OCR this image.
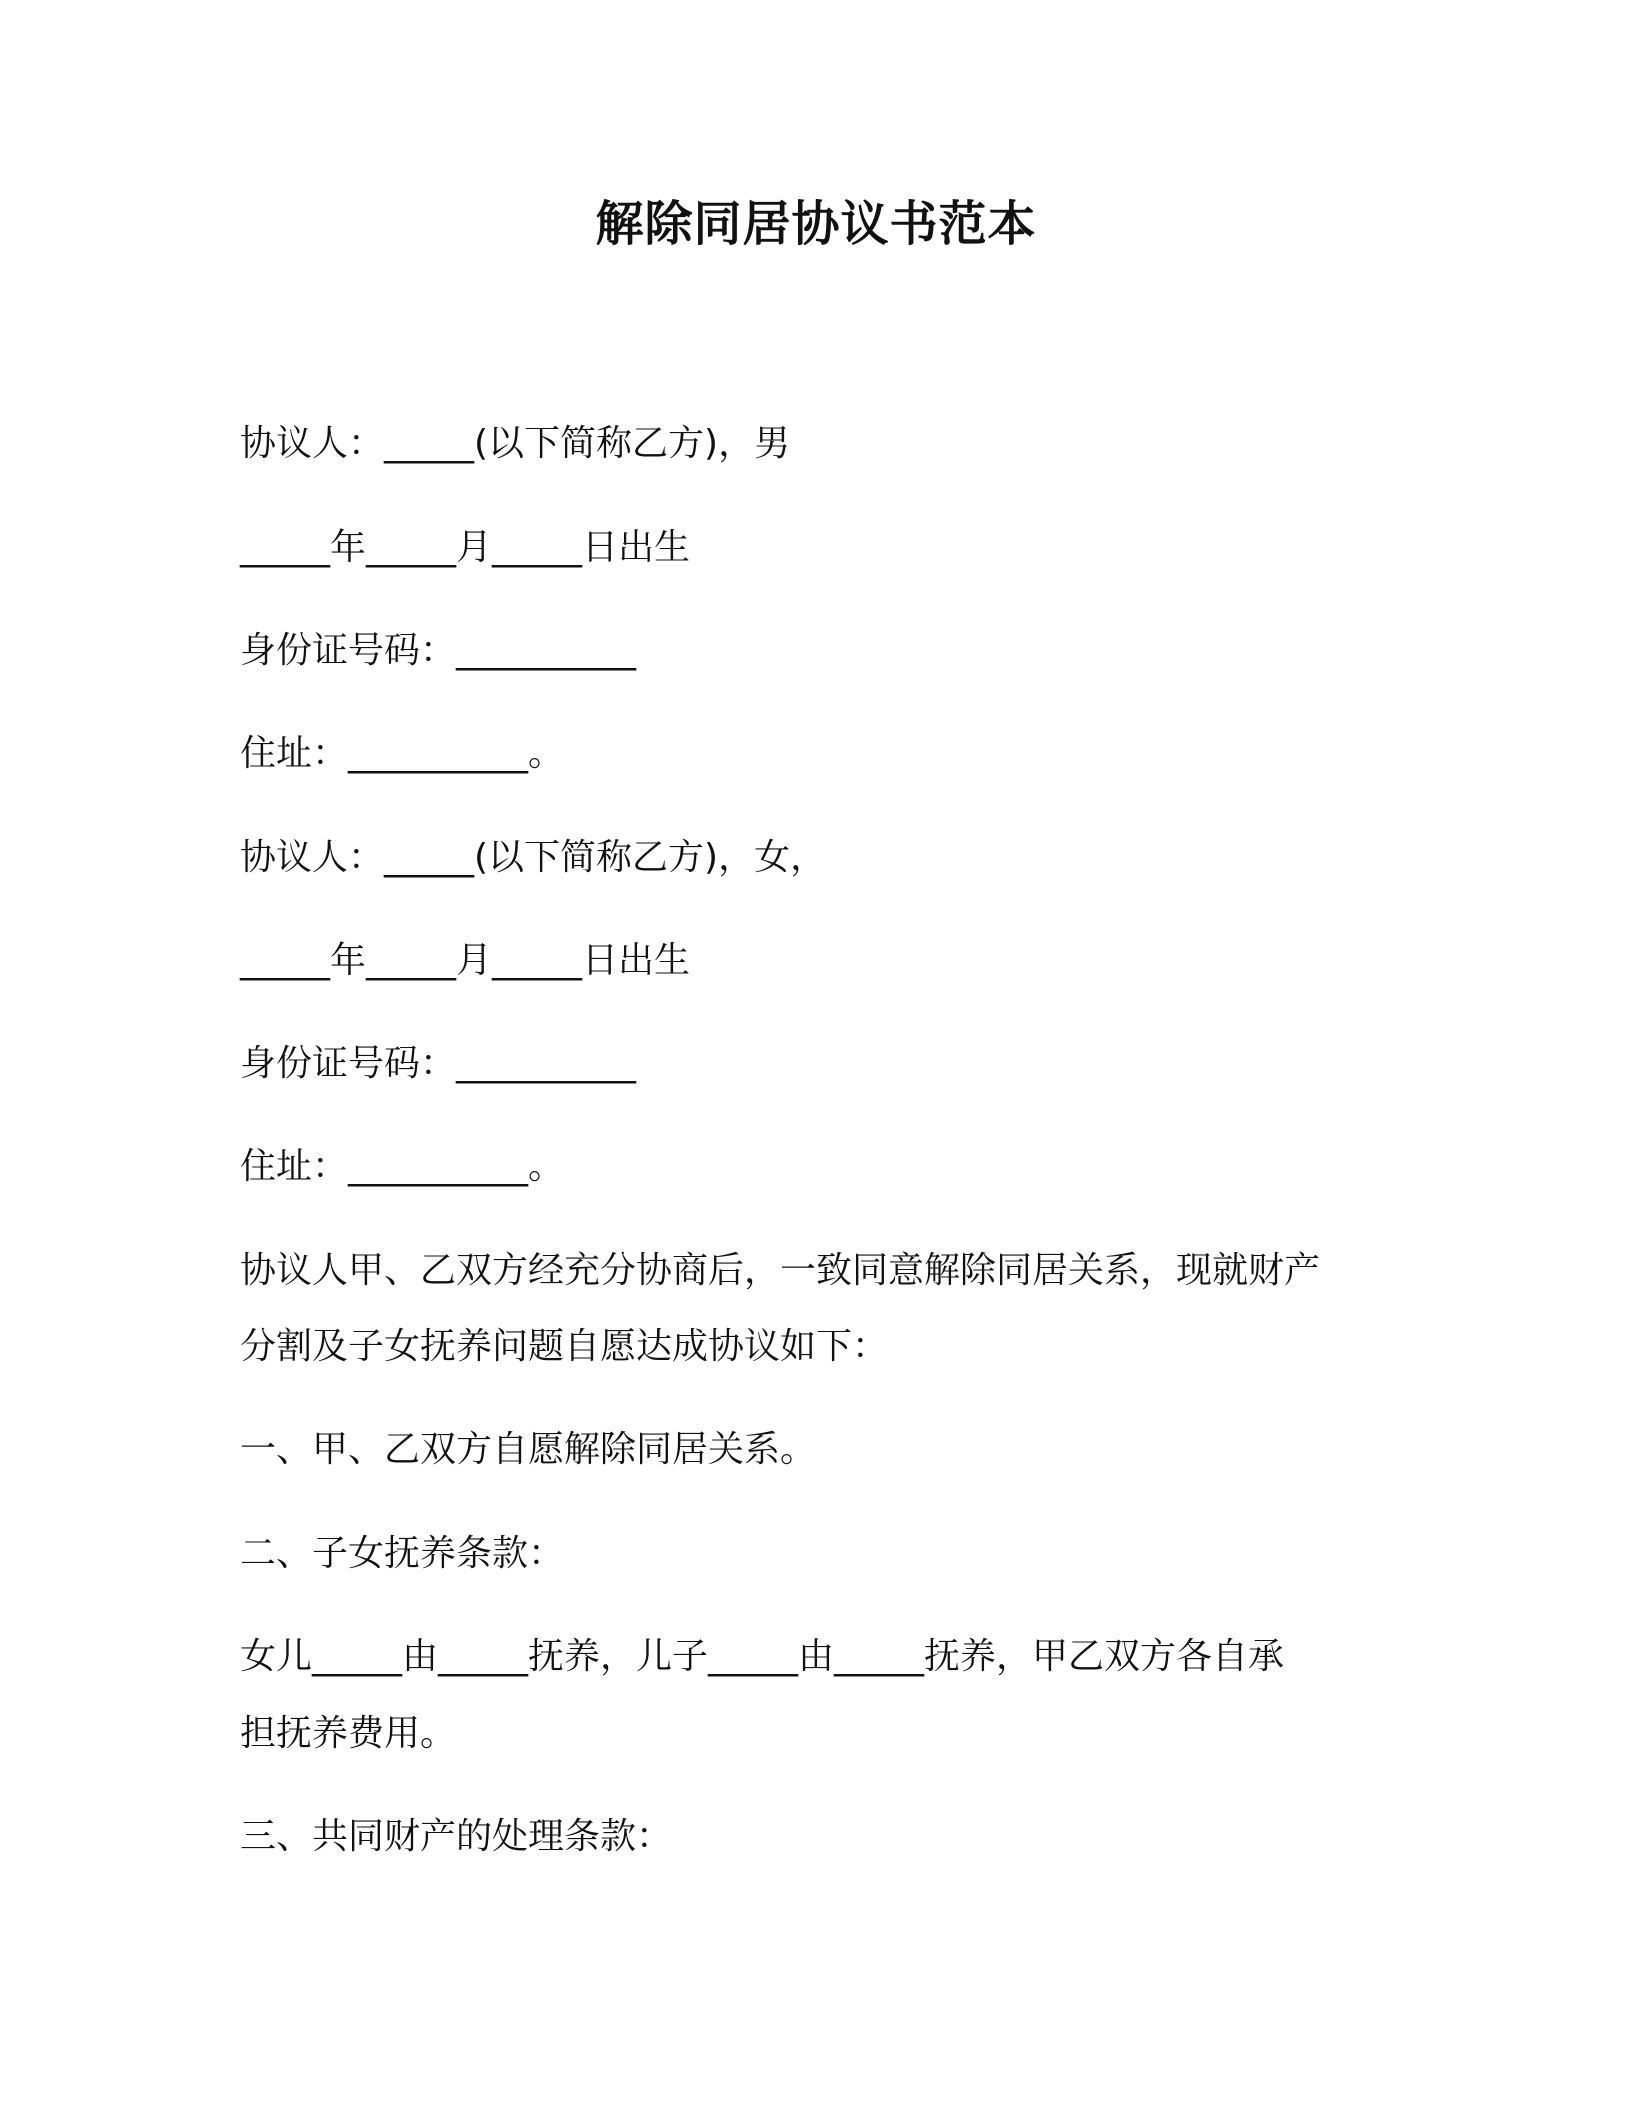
解除同居协议书范本

协议人：_____(以下简称乙方)，男

_____年_____月_____日出生

身份证号码：__________

住址：__________。

协议人：_____(以下简称乙方)，女，

_____年_____月_____日出生

身份证号码：__________

住址：__________。

协议人甲、乙双方经充分协商后，一致同意解除同居关系，现就财产

分割及子女抚养问题自愿达成协议如下：

一、甲、乙双方自愿解除同居关系。

二、子女抚养条款：

女儿_____由_____抚养，儿子_____由_____抚养，甲乙双方各自承

担抚养费用。

三、共同财产的处理条款：
